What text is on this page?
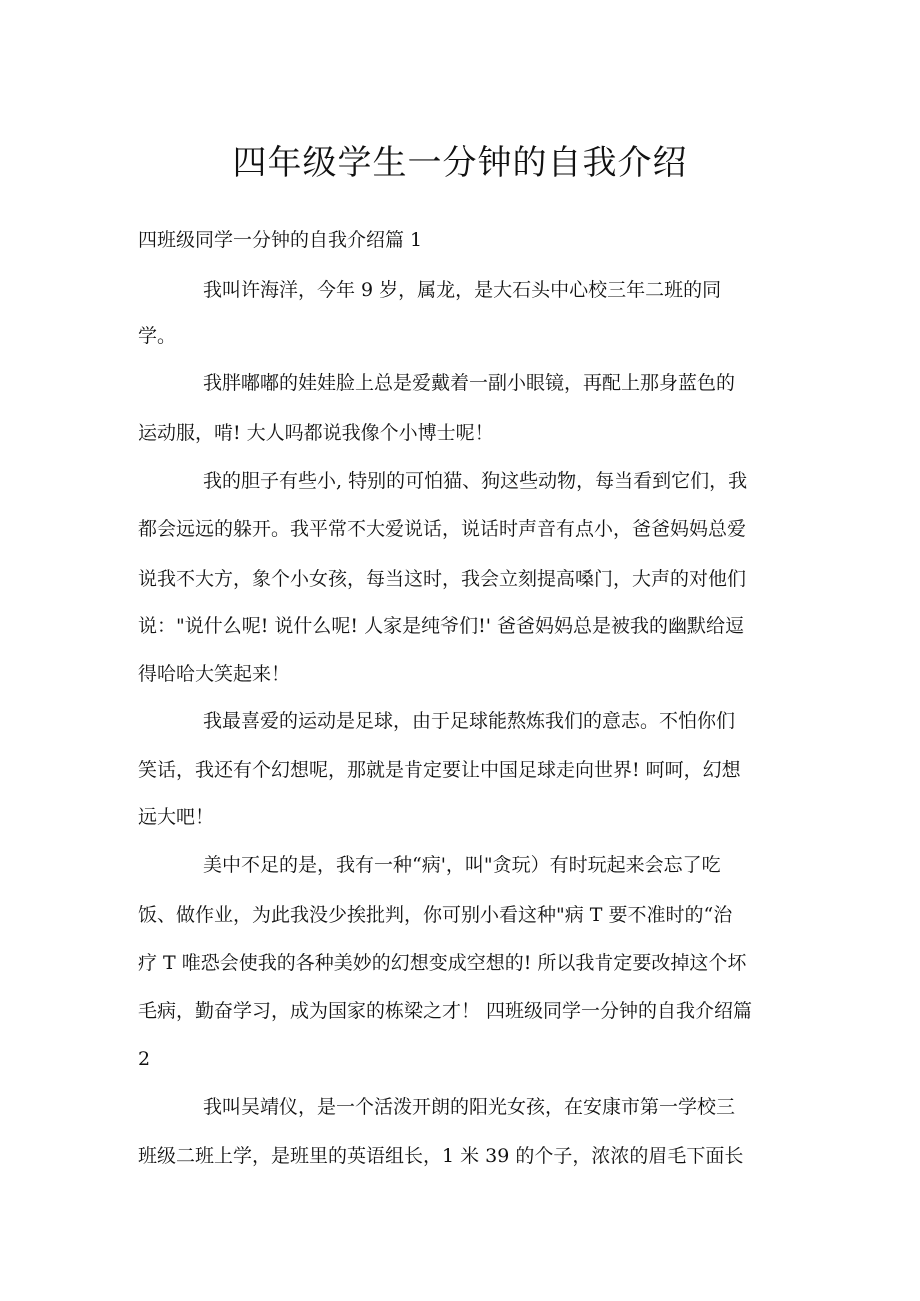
四年级学生一分钟的自我介绍

四班级同学一分钟的自我介绍篇 1

我叫许海洋，今年 9 岁，属龙，是大石头中心校三年二班的同

学。

我胖嘟嘟的娃娃脸上总是爱戴着一副小眼镜，再配上那身蓝色的

运动服，啃! 大人吗都说我像个小博士呢！

我的胆子有些小, 特别的可怕猫、狗这些动物，每当看到它们，我

都会远远的躲开。我平常不大爱说话，说话时声音有点小，爸爸妈妈总爱

说我不大方，象个小女孩，每当这时，我会立刻提高嗓门，大声的对他们

说："说什么呢! 说什么呢! 人家是纯爷们!' 爸爸妈妈总是被我的幽默给逗

得哈哈大笑起来！

我最喜爱的运动是足球，由于足球能熬炼我们的意志。不怕你们

笑话，我还有个幻想呢，那就是肯定要让中国足球走向世界! 呵呵，幻想

远大吧！

美中不足的是，我有一种“病'，叫"贪玩）有时玩起来会忘了吃

饭、做作业，为此我没少挨批判，你可别小看这种"病 T 要不准时的“治

疗 T 唯恐会使我的各种美妙的幻想变成空想的! 所以我肯定要改掉这个坏

毛病，勤奋学习，成为国家的栋梁之才！ 四班级同学一分钟的自我介绍篇

2

我叫吴靖仪，是一个活泼开朗的阳光女孩，在安康市第一学校三

班级二班上学，是班里的英语组长，1 米 39 的个子，浓浓的眉毛下面长
